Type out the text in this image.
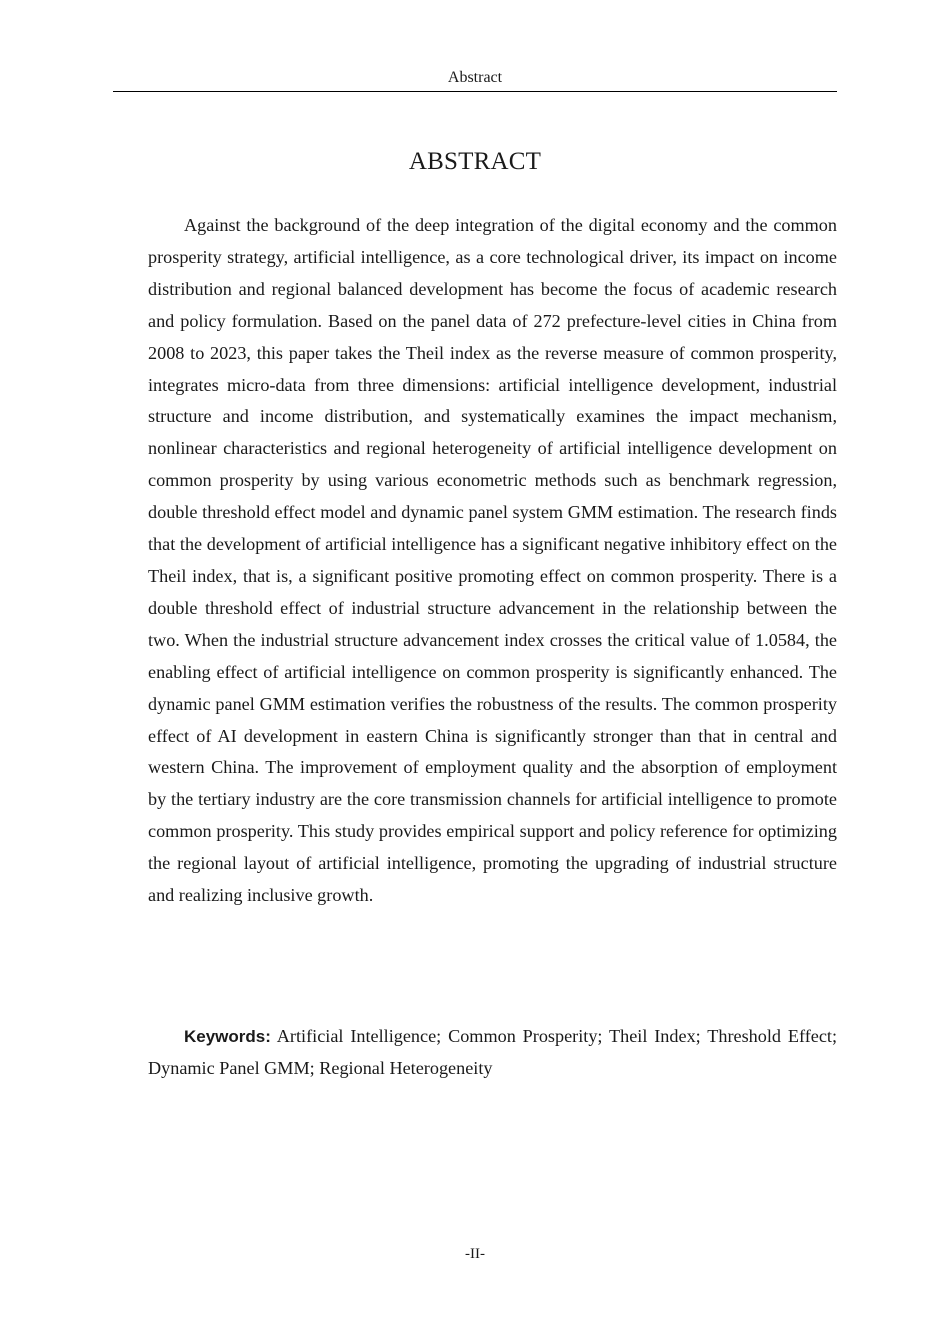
Abstract
ABSTRACT

Against the background of the deep integration of the digital economy and the common prosperity strategy, artificial intelligence, as a core technological driver, its impact on income distribution and regional balanced development has become the focus of academic research and policy formulation. Based on the panel data of 272 prefecture-level cities in China from 2008 to 2023, this paper takes the Theil index as the reverse measure of common prosperity, integrates micro-data from three dimensions: artificial intelligence development, industrial structure and income distribution, and systematically examines the impact mechanism, nonlinear characteristics and regional heterogeneity of artificial intelligence development on common prosperity by using various econometric methods such as benchmark regression, double threshold effect model and dynamic panel system GMM estimation. The research finds that the development of artificial intelligence has a significant negative inhibitory effect on the Theil index, that is, a significant positive promoting effect on common prosperity. There is a double threshold effect of industrial structure advancement in the relationship between the two. When the industrial structure advancement index crosses the critical value of 1.0584, the enabling effect of artificial intelligence on common prosperity is significantly enhanced. The dynamic panel GMM estimation verifies the robustness of the results. The common prosperity effect of AI development in eastern China is significantly stronger than that in central and western China. The improvement of employment quality and the absorption of employment by the tertiary industry are the core transmission channels for artificial intelligence to promote common prosperity. This study provides empirical support and policy reference for optimizing the regional layout of artificial intelligence, promoting the upgrading of industrial structure and realizing inclusive growth.

Keywords: Artificial Intelligence; Common Prosperity; Theil Index; Threshold Effect; Dynamic Panel GMM; Regional Heterogeneity

-II-
